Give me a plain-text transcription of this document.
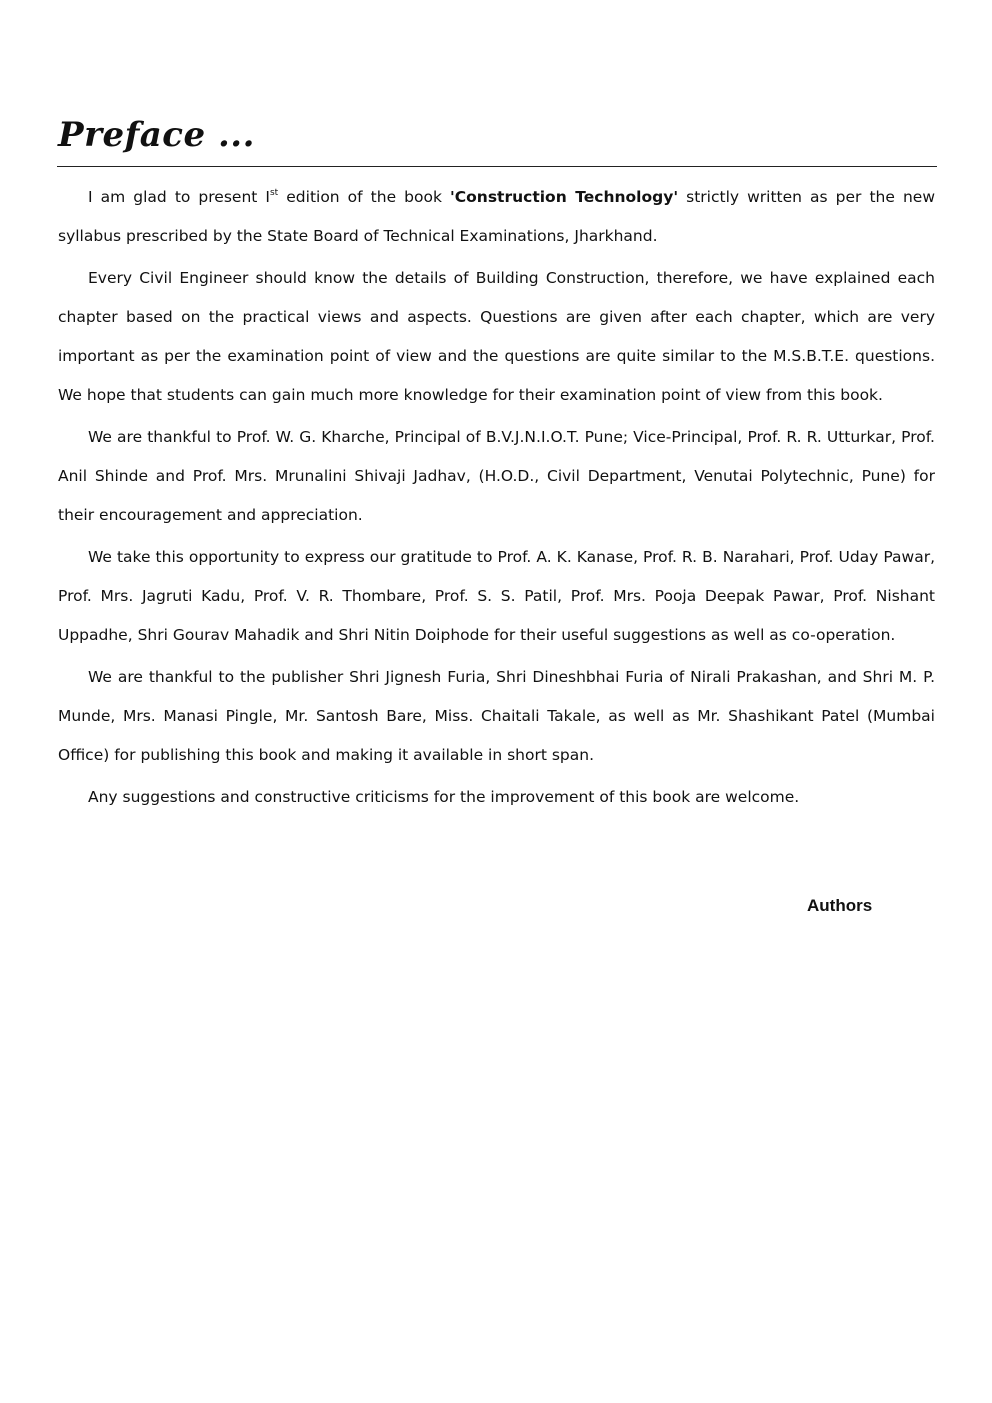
Preface ...

I am glad to present Ist edition of the book 'Construction Technology' strictly written as per the new syllabus prescribed by the State Board of Technical Examinations, Jharkhand.

Every Civil Engineer should know the details of Building Construction, therefore, we have explained each chapter based on the practical views and aspects. Questions are given after each chapter, which are very important as per the examination point of view and the questions are quite similar to the M.S.B.T.E. questions. We hope that students can gain much more knowledge for their examination point of view from this book.

We are thankful to Prof. W. G. Kharche, Principal of B.V.J.N.I.O.T. Pune; Vice-Principal, Prof. R. R. Utturkar, Prof. Anil Shinde and Prof. Mrs. Mrunalini Shivaji Jadhav, (H.O.D., Civil Department, Venutai Polytechnic, Pune) for their encouragement and appreciation.

We take this opportunity to express our gratitude to Prof. A. K. Kanase, Prof. R. B. Narahari, Prof. Uday Pawar, Prof. Mrs. Jagruti Kadu, Prof. V. R. Thombare, Prof. S. S. Patil, Prof. Mrs. Pooja Deepak Pawar, Prof. Nishant Uppadhe, Shri Gourav Mahadik and Shri Nitin Doiphode for their useful suggestions as well as co-operation.

We are thankful to the publisher Shri Jignesh Furia, Shri Dineshbhai Furia of Nirali Prakashan, and Shri M. P. Munde, Mrs. Manasi Pingle, Mr. Santosh Bare, Miss. Chaitali Takale, as well as Mr. Shashikant Patel (Mumbai Office) for publishing this book and making it available in short span.

Any suggestions and constructive criticisms for the improvement of this book are welcome.

Authors
